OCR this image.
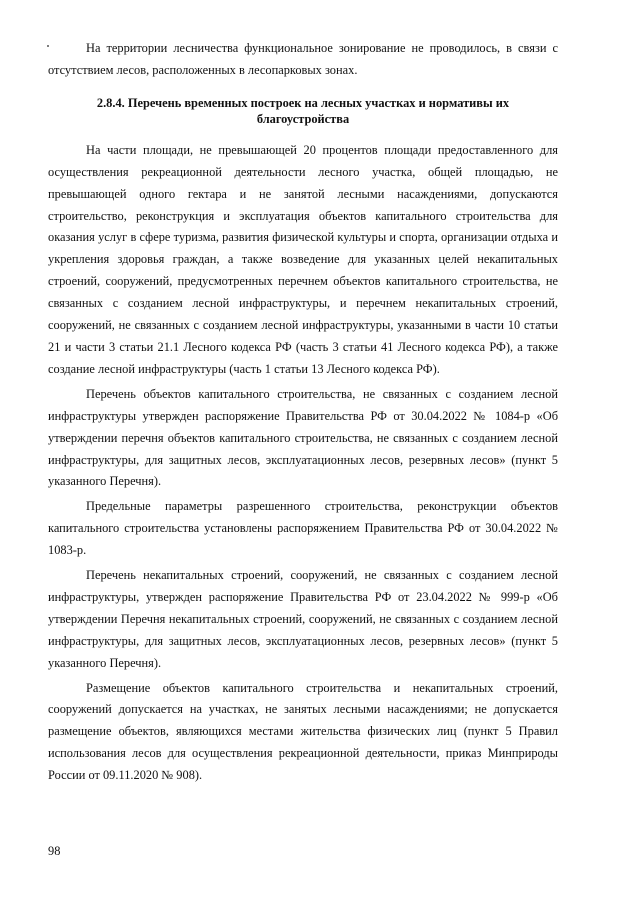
На территории лесничества функциональное зонирование не проводилось, в связи с отсутствием лесов, расположенных в лесопарковых зонах.

2.8.4. Перечень временных построек на лесных участках и нормативы их благоустройства

На части площади, не превышающей 20 процентов площади предоставленного для осуществления рекреационной деятельности лесного участка, общей площадью, не превышающей одного гектара и не занятой лесными насаждениями, допускаются строительство, реконструкция и эксплуатация объектов капитального строительства для оказания услуг в сфере туризма, развития физической культуры и спорта, организации отдыха и укрепления здоровья граждан, а также возведение для указанных целей некапитальных строений, сооружений, предусмотренных перечнем объектов капитального строительства, не связанных с созданием лесной инфраструктуры, и перечнем некапитальных строений, сооружений, не связанных с созданием лесной инфраструктуры, указанными в части 10 статьи 21 и части 3 статьи 21.1 Лесного кодекса РФ (часть 3 статьи 41 Лесного кодекса РФ), а также создание лесной инфраструктуры (часть 1 статьи 13 Лесного кодекса РФ).

Перечень объектов капитального строительства, не связанных с созданием лесной инфраструктуры утвержден распоряжение Правительства РФ от 30.04.2022 № 1084-р «Об утверждении перечня объектов капитального строительства, не связанных с созданием лесной инфраструктуры, для защитных лесов, эксплуатационных лесов, резервных лесов» (пункт 5 указанного Перечня).

Предельные параметры разрешенного строительства, реконструкции объектов капитального строительства установлены распоряжением Правительства РФ от 30.04.2022 № 1083-р.

Перечень некапитальных строений, сооружений, не связанных с созданием лесной инфраструктуры, утвержден распоряжение Правительства РФ от 23.04.2022 № 999-р «Об утверждении Перечня некапитальных строений, сооружений, не связанных с созданием лесной инфраструктуры, для защитных лесов, эксплуатационных лесов, резервных лесов» (пункт 5 указанного Перечня).

Размещение объектов капитального строительства и некапитальных строений, сооружений допускается на участках, не занятых лесными насаждениями; не допускается размещение объектов, являющихся местами жительства физических лиц (пункт 5 Правил использования лесов для осуществления рекреационной деятельности, приказ Минприроды России от 09.11.2020 № 908).

98
